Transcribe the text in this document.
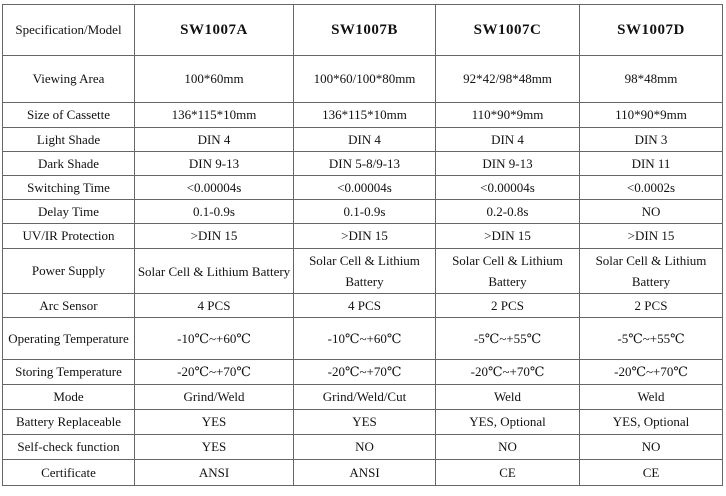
Specification/Model	SW1007A	SW1007B	SW1007C	SW1007D
Viewing Area	100*60mm	100*60/100*80mm	92*42/98*48mm	98*48mm
Size of Cassette	136*115*10mm	136*115*10mm	110*90*9mm	110*90*9mm
Light Shade	DIN 4	DIN 4	DIN 4	DIN 3
Dark Shade	DIN 9-13	DIN 5-8/9-13	DIN 9-13	DIN 11
Switching Time	<0.00004s	<0.00004s	<0.00004s	<0.0002s
Delay Time	0.1-0.9s	0.1-0.9s	0.2-0.8s	NO
UV/IR Protection	>DIN 15	>DIN 15	>DIN 15	>DIN 15
Power Supply	Solar Cell & Lithium Battery	Solar Cell & Lithium Battery	Solar Cell & Lithium Battery	Solar Cell & Lithium Battery
Arc Sensor	4 PCS	4 PCS	2 PCS	2 PCS
Operating Temperature	-10℃~+60℃	-10℃~+60℃	-5℃~+55℃	-5℃~+55℃
Storing Temperature	-20℃~+70℃	-20℃~+70℃	-20℃~+70℃	-20℃~+70℃
Mode	Grind/Weld	Grind/Weld/Cut	Weld	Weld
Battery Replaceable	YES	YES	YES, Optional	YES, Optional
Self-check function	YES	NO	NO	NO
Certificate	ANSI	ANSI	CE	CE
